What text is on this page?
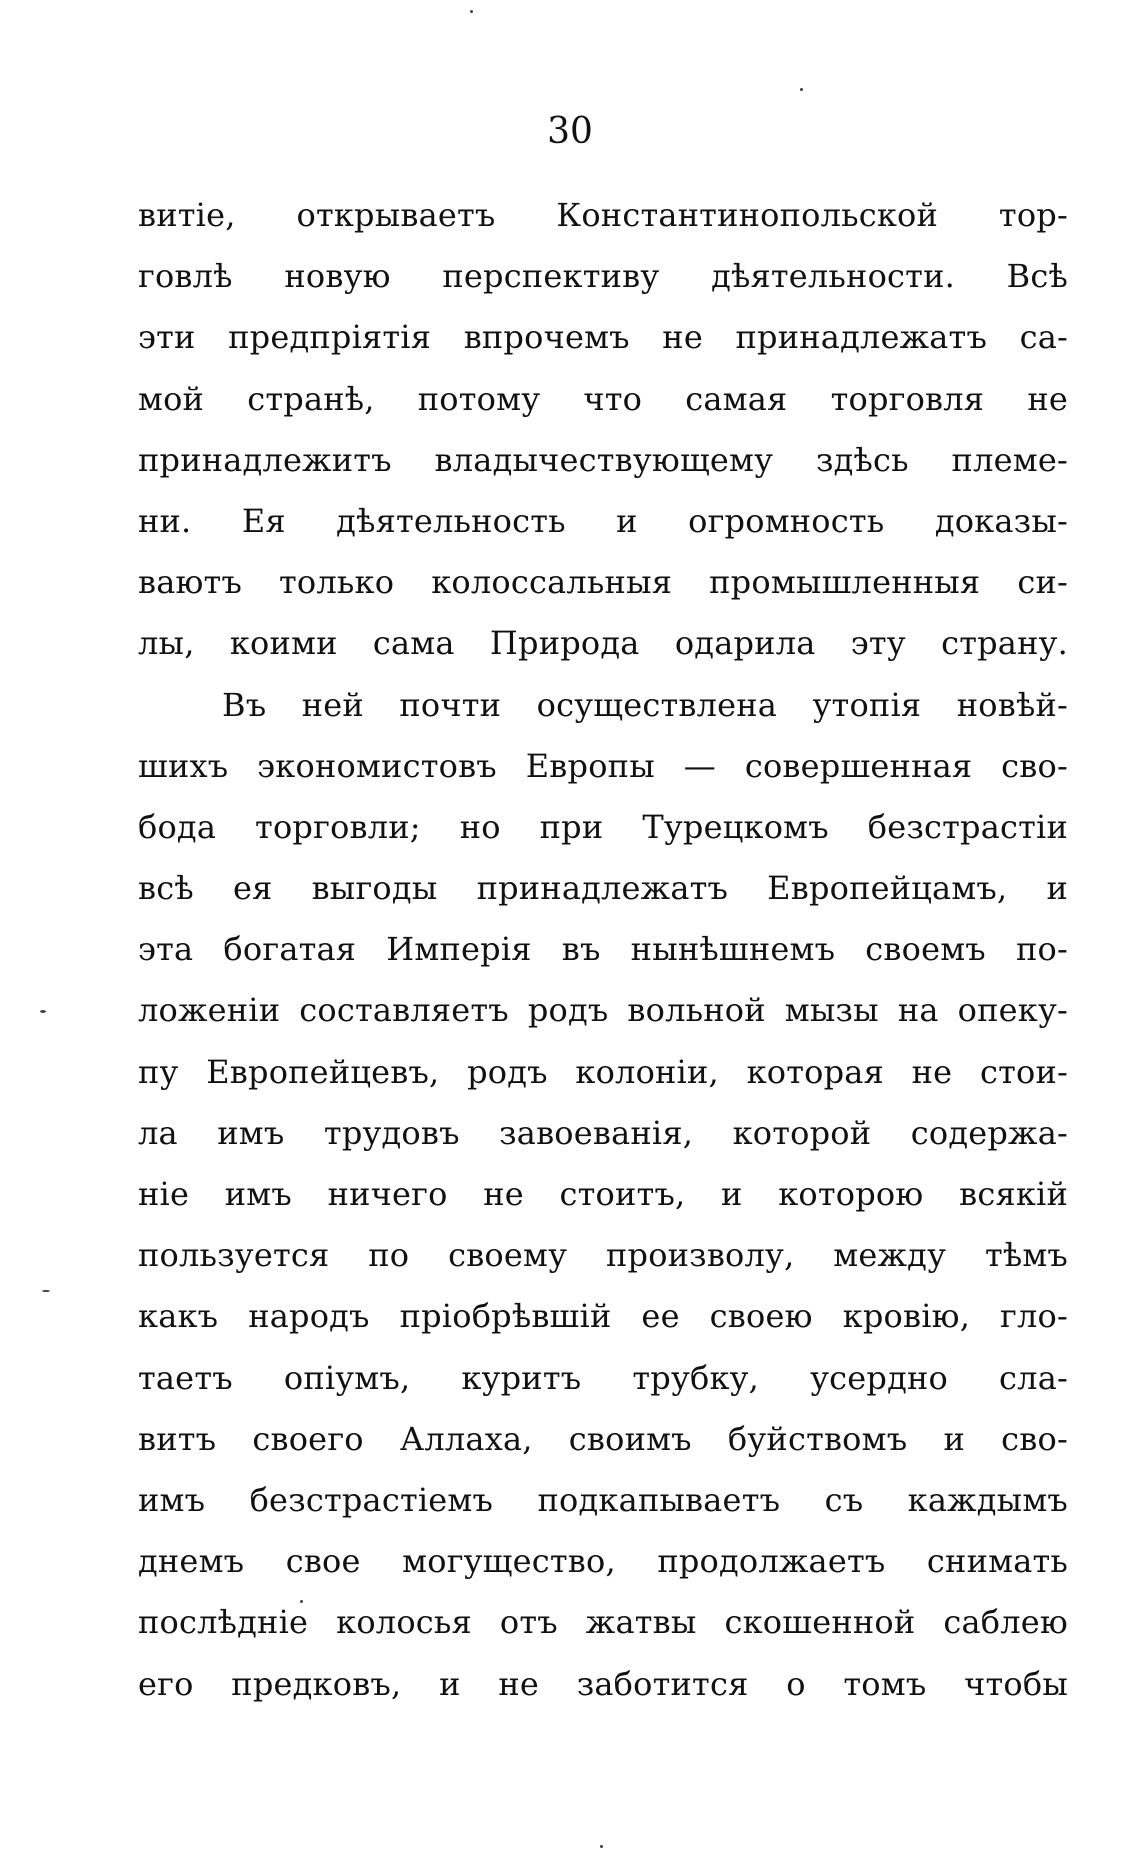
30
витіе, открываетъ Константинопольской тор-
говлѣ новую перспективу дѣятельности. Всѣ
эти предпріятія впрочемъ не принадлежатъ са-
мой странѣ, потому что самая торговля не
принадлежитъ владычествующему здѣсь племе-
ни. Ея дѣятельность и огромность доказы-
ваютъ только колоссальныя промышленныя си-
лы, коими сама Природа одарила эту страну.
Въ ней почти осуществлена утопія новѣй-
шихъ экономистовъ Европы — совершенная сво-
бода торговли; но при Турецкомъ безстрастіи
всѣ ея выгоды принадлежатъ Европейцамъ, и
эта богатая Имперія въ нынѣшнемъ своемъ по-
ложеніи составляетъ родъ вольной мызы на опеку-
пу Европейцевъ, родъ колоніи, которая не стои-
ла имъ трудовъ завоеванія, которой содержа-
ніе имъ ничего не стоитъ, и которою всякій
пользуется по своему произволу, между тѣмъ
какъ народъ пріобрѣвшій ее своею кровію, гло-
таетъ опіумъ, куритъ трубку, усердно сла-
витъ своего Аллаха, своимъ буйствомъ и сво-
имъ безстрастіемъ подкапываетъ съ каждымъ
днемъ свое могущество, продолжаетъ снимать
послѣдніе колосья отъ жатвы скошенной саблею
его предковъ, и не заботится о томъ чтобы
